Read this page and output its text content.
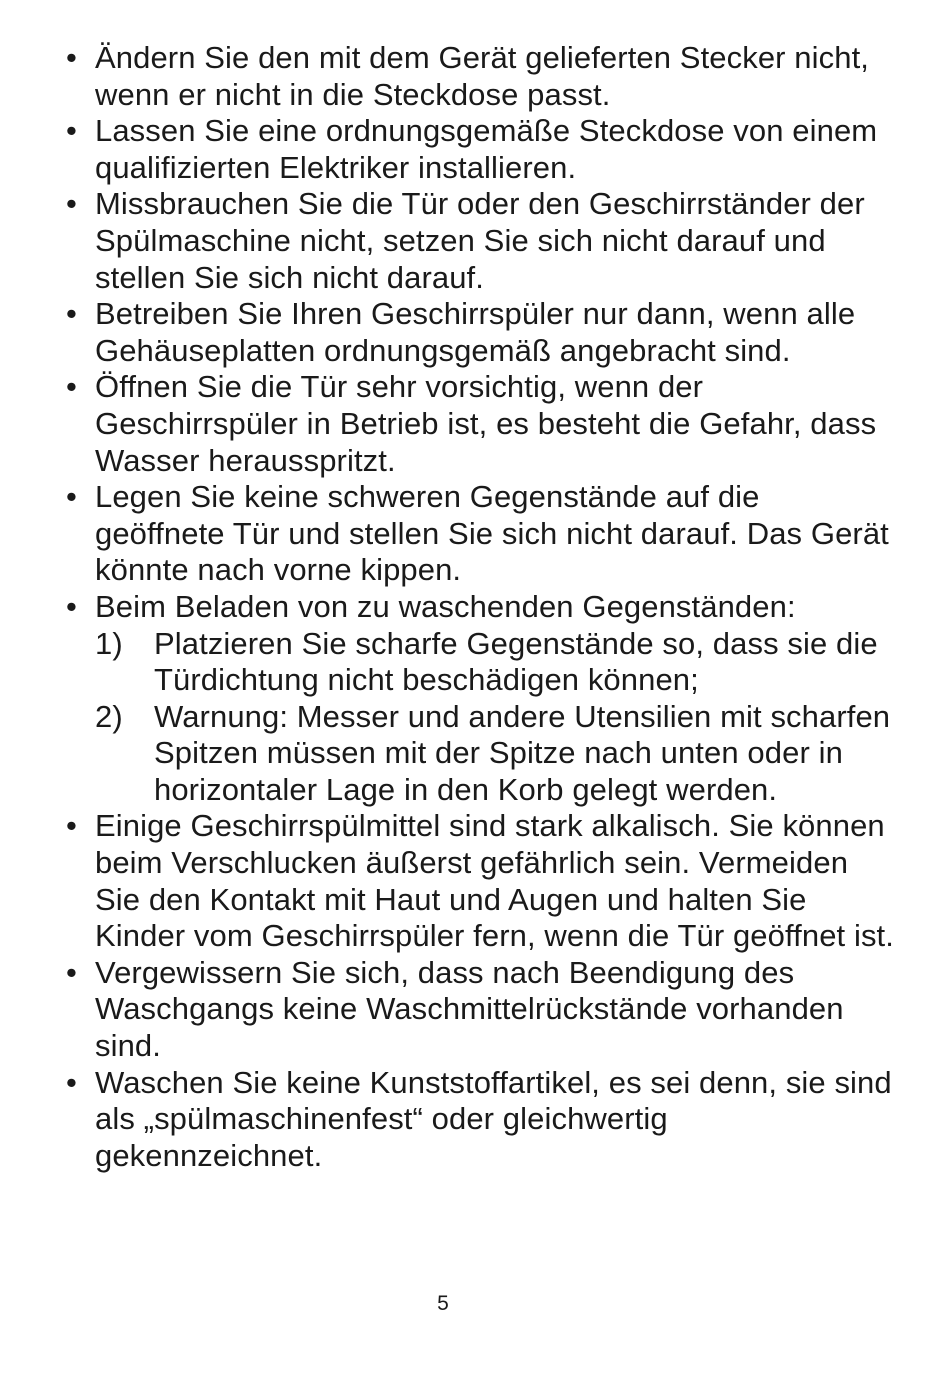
• Ändern Sie den mit dem Gerät gelieferten Stecker nicht, wenn er nicht in die Steckdose passt.
• Lassen Sie eine ordnungsgemäße Steckdose von einem qualifizierten Elektriker installieren.
• Missbrauchen Sie die Tür oder den Geschirrständer der Spülmaschine nicht, setzen Sie sich nicht darauf und stellen Sie sich nicht darauf.
• Betreiben Sie Ihren Geschirrspüler nur dann, wenn alle Gehäuseplatten ordnungsgemäß angebracht sind.
• Öffnen Sie die Tür sehr vorsichtig, wenn der Geschirrspüler in Betrieb ist, es besteht die Gefahr, dass Wasser herausspritzt.
• Legen Sie keine schweren Gegenstände auf die geöffnete Tür und stellen Sie sich nicht darauf. Das Gerät könnte nach vorne kippen.
• Beim Beladen von zu waschenden Gegenständen:
1) Platzieren Sie scharfe Gegenstände so, dass sie die Türdichtung nicht beschädigen können;
2) Warnung: Messer und andere Utensilien mit scharfen Spitzen müssen mit der Spitze nach unten oder in horizontaler Lage in den Korb gelegt werden.
• Einige Geschirrspülmittel sind stark alkalisch. Sie können beim Verschlucken äußerst gefährlich sein. Vermeiden Sie den Kontakt mit Haut und Augen und halten Sie Kinder vom Geschirrspüler fern, wenn die Tür geöffnet ist.
• Vergewissern Sie sich, dass nach Beendigung des Waschgangs keine Waschmittelrückstände vorhanden sind.
• Waschen Sie keine Kunststoffartikel, es sei denn, sie sind als „spülmaschinenfest“ oder gleichwertig gekennzeichnet.
5
